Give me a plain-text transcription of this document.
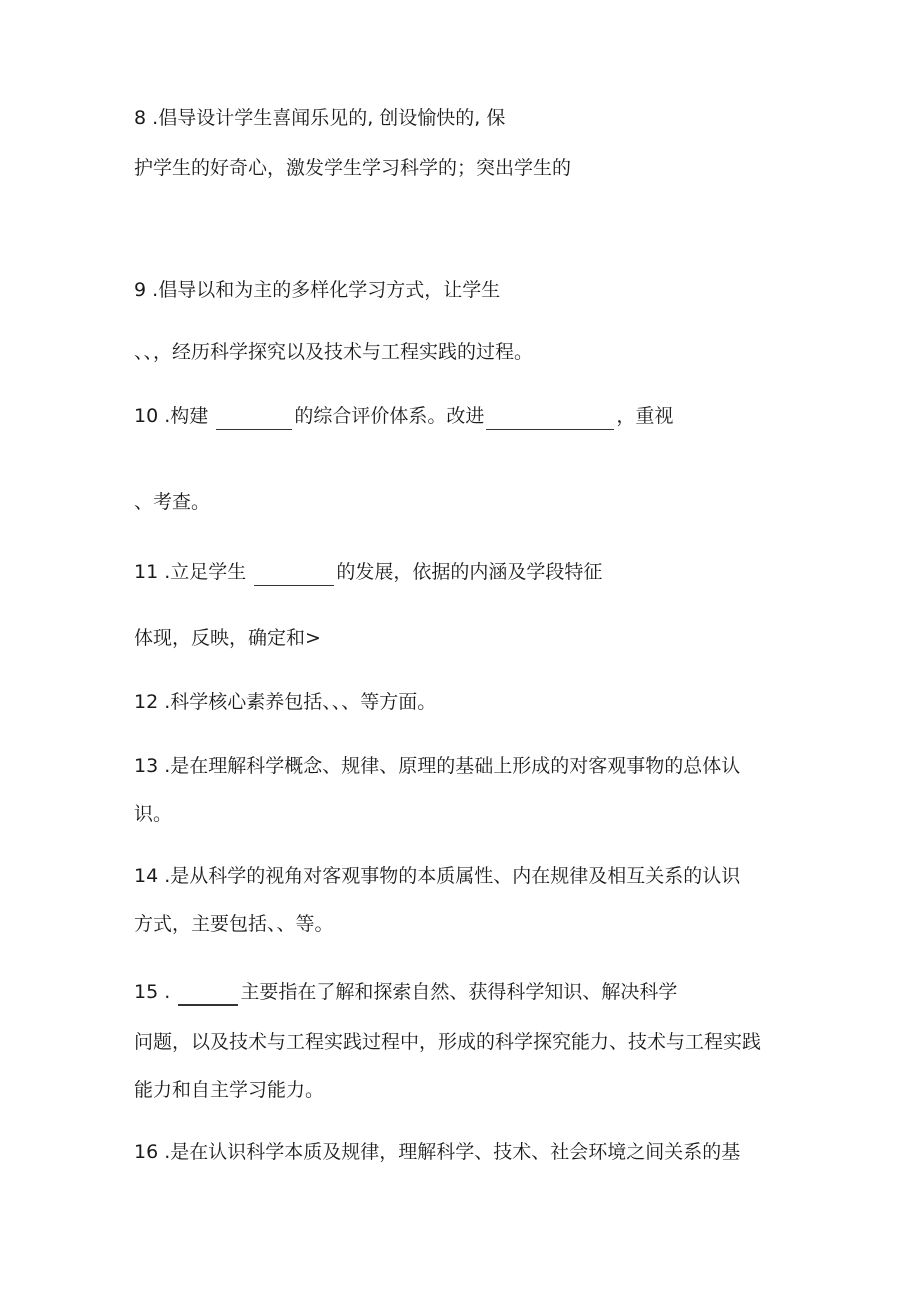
8 .倡导设计学生喜闻乐见的, 创设愉快的, 保

护学生的好奇心，激发学生学习科学的；突出学生的

9 .倡导以和为主的多样化学习方式，让学生

、、，经历科学探究以及技术与工程实践的过程。

10 .构建	的综合评价体系。改进	，重视

、考查。

11 .立足学生	的发展，依据的内涵及学段特征

体现，反映，确定和>

12 .科学核心素养包括、、、等方面。

13 .是在理解科学概念、规律、原理的基础上形成的对客观事物的总体认

识。

14 .是从科学的视角对客观事物的本质属性、内在规律及相互关系的认识

方式，主要包括、、等。

15 .	主要指在了解和探索自然、获得科学知识、解决科学

问题，以及技术与工程实践过程中，形成的科学探究能力、技术与工程实践

能力和自主学习能力。

16 .是在认识科学本质及规律，理解科学、技术、社会环境之间关系的基
